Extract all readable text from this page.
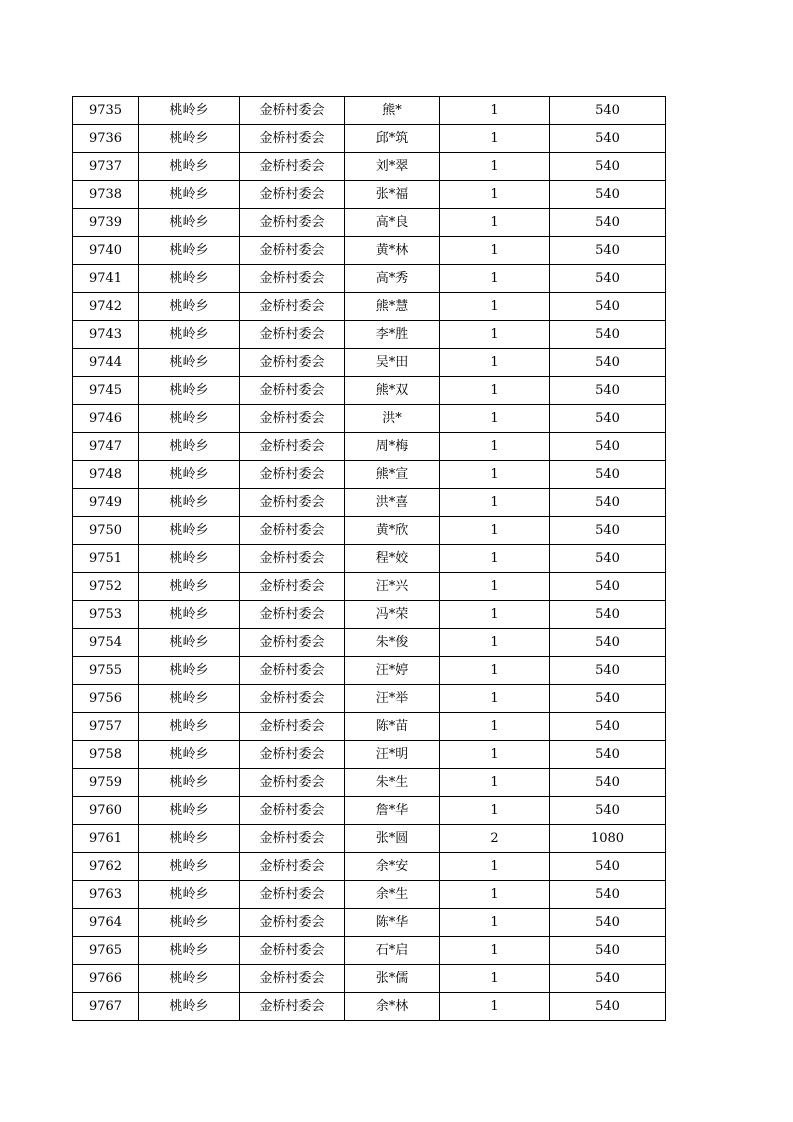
9735	桃岭乡	金桥村委会	熊*	1	540
9736	桃岭乡	金桥村委会	邱*筑	1	540
9737	桃岭乡	金桥村委会	刘*翠	1	540
9738	桃岭乡	金桥村委会	张*福	1	540
9739	桃岭乡	金桥村委会	高*良	1	540
9740	桃岭乡	金桥村委会	黄*林	1	540
9741	桃岭乡	金桥村委会	高*秀	1	540
9742	桃岭乡	金桥村委会	熊*慧	1	540
9743	桃岭乡	金桥村委会	李*胜	1	540
9744	桃岭乡	金桥村委会	吴*田	1	540
9745	桃岭乡	金桥村委会	熊*双	1	540
9746	桃岭乡	金桥村委会	洪*	1	540
9747	桃岭乡	金桥村委会	周*梅	1	540
9748	桃岭乡	金桥村委会	熊*宣	1	540
9749	桃岭乡	金桥村委会	洪*喜	1	540
9750	桃岭乡	金桥村委会	黄*欣	1	540
9751	桃岭乡	金桥村委会	程*姣	1	540
9752	桃岭乡	金桥村委会	汪*兴	1	540
9753	桃岭乡	金桥村委会	冯*荣	1	540
9754	桃岭乡	金桥村委会	朱*俊	1	540
9755	桃岭乡	金桥村委会	汪*婷	1	540
9756	桃岭乡	金桥村委会	汪*举	1	540
9757	桃岭乡	金桥村委会	陈*苗	1	540
9758	桃岭乡	金桥村委会	汪*明	1	540
9759	桃岭乡	金桥村委会	朱*生	1	540
9760	桃岭乡	金桥村委会	詹*华	1	540
9761	桃岭乡	金桥村委会	张*圆	2	1080
9762	桃岭乡	金桥村委会	余*安	1	540
9763	桃岭乡	金桥村委会	余*生	1	540
9764	桃岭乡	金桥村委会	陈*华	1	540
9765	桃岭乡	金桥村委会	石*启	1	540
9766	桃岭乡	金桥村委会	张*儒	1	540
9767	桃岭乡	金桥村委会	余*林	1	540
